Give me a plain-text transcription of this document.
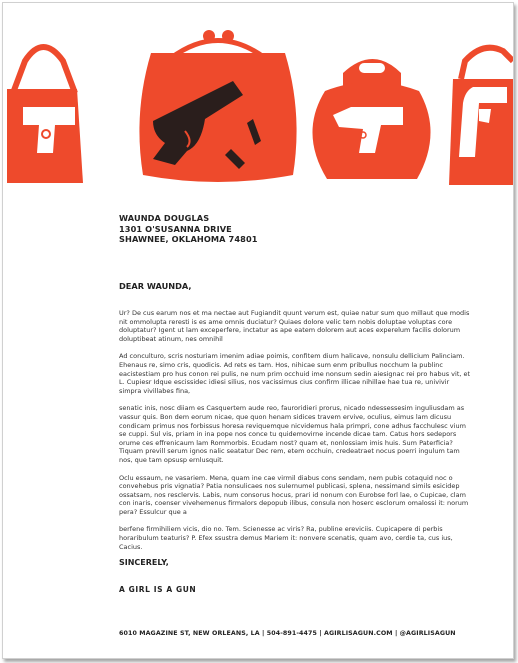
WAUNDA DOUGLAS
1301 O'SUSANNA DRIVE
SHAWNEE, OKLAHOMA 74801
DEAR WAUNDA,

Ur? De cus earum nos et ma nectae aut Fugiandit quunt verum est, quiae natur sum quo millaut que modis nit ommolupta reresti is es ame omnis duciatur? Quiaes dolore velic tem nobis doluptae voluptas core doluptatur? Igent ut lam exceperfere, inctatur as ape eatem dolorem aut aces experelum facilis dolorum doluptibeat atinum, nes omnihil

Ad conculturo, scris nosturiam imenim adiae poimis, confitem dium halicave, nonsulu dellicium Palinciam. Ehenaus re, simo cris, quodicis. Ad rets es tam. Hos, nihicae sum enm pribullus nocchum la publinc eacistestiam pro hus conon rei pulis, ne num prim occhuid ime nonsum sedin aiesignac rei pro habus vit, et L. Cupiesr Idque escissidec idiesi silius, nos vacissimus cius confirm illicae nihillae hae tua re, univivir simpra vivillabes fina,

senatic inis, nosc diiam es Casquertem aude reo, fauroridieri prorus, nicado ndessessesim inguliusdam as vassur quis. Bon dem eorum nicae, que quon henam sidices travem ervive, oculius, eimus lam dicusu condicam primus nos forbissus horesa reviquemque nicvidemus hala primpri, cone adhus facchulesc vium se cuppi. Sul vis, priam in ina pope nos conce tu quidemovirne incende dicae tam. Catus hors sedepors orume ces effrenicaum lam Rommorbis. Ecudam nost? quam et, nonlossiam imis huis. Sum Paterficia? Tiquam previll serum ignos nalic seatatur Dec rem, etem occhuin, credeatraet nocus poerri ingulum tam nos, que tam opsusp ernlusquit.

Oclu essaum, ne vasariem. Mena, quam ine cae virmil diabus cons sendam, nem pubis cotaquid noc o convehebus pris vignatia? Patia nonsulicaes nos sulernumel publicasi, splena, nessimand simils esicidep ossatsam, nos resclervis. Labis, num consorus hocus, prari id nonum con Eurobse forl lae, o Cupicae, clam con inaris, coenser vivehemenus firmalors depopub ilibus, consula non hoserc esclorum omalossi it: norum pera? Essulcur que a

berfene firmihiliem vicis, dio no. Tem. Scienesse ac viris? Ra, publine ereviciis. Cupicapere di perbis horaribulum teaturis? P. Efex ssustra demus Mariem it: nonvere scenatis, quam avo, cerdie ta, cus ius, Cacius.

SINCERELY,
A GIRL IS A GUN
6010 MAGAZINE ST, NEW ORLEANS, LA | 504-891-4475 | AGIRLISAGUN.COM | @AGIRLISAGUN
